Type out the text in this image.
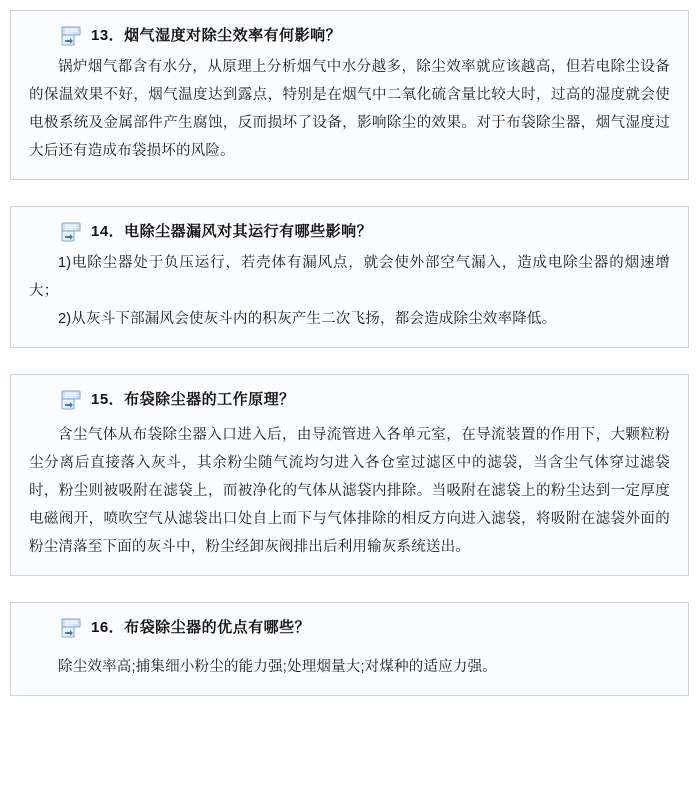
13．烟气湿度对除尘效率有何影响？

锅炉烟气都含有水分，从原理上分析烟气中水分越多，除尘效率就应该越高，但若电除尘设备的保温效果不好，烟气温度达到露点，特别是在烟气中二氧化硫含量比较大时，过高的湿度就会使电极系统及金属部件产生腐蚀，反而损坏了设备，影响除尘的效果。对于布袋除尘器，烟气湿度过大后还有造成布袋损坏的风险。

14．电除尘器漏风对其运行有哪些影响？

1)电除尘器处于负压运行，若壳体有漏风点，就会使外部空气漏入，造成电除尘器的烟速增大；

2)从灰斗下部漏风会使灰斗内的积灰产生二次飞扬，都会造成除尘效率降低。

15．布袋除尘器的工作原理？

含尘气体从布袋除尘器入口进入后，由导流管进入各单元室，在导流装置的作用下，大颗粒粉尘分离后直接落入灰斗，其余粉尘随气流均匀进入各仓室过滤区中的滤袋，当含尘气体穿过滤袋时，粉尘则被吸附在滤袋上，而被净化的气体从滤袋内排除。当吸附在滤袋上的粉尘达到一定厚度电磁阀开，喷吹空气从滤袋出口处自上而下与气体排除的相反方向进入滤袋，将吸附在滤袋外面的粉尘清落至下面的灰斗中，粉尘经卸灰阀排出后利用输灰系统送出。

16．布袋除尘器的优点有哪些？

除尘效率高;捕集细小粉尘的能力强;处理烟量大;对煤种的适应力强。
